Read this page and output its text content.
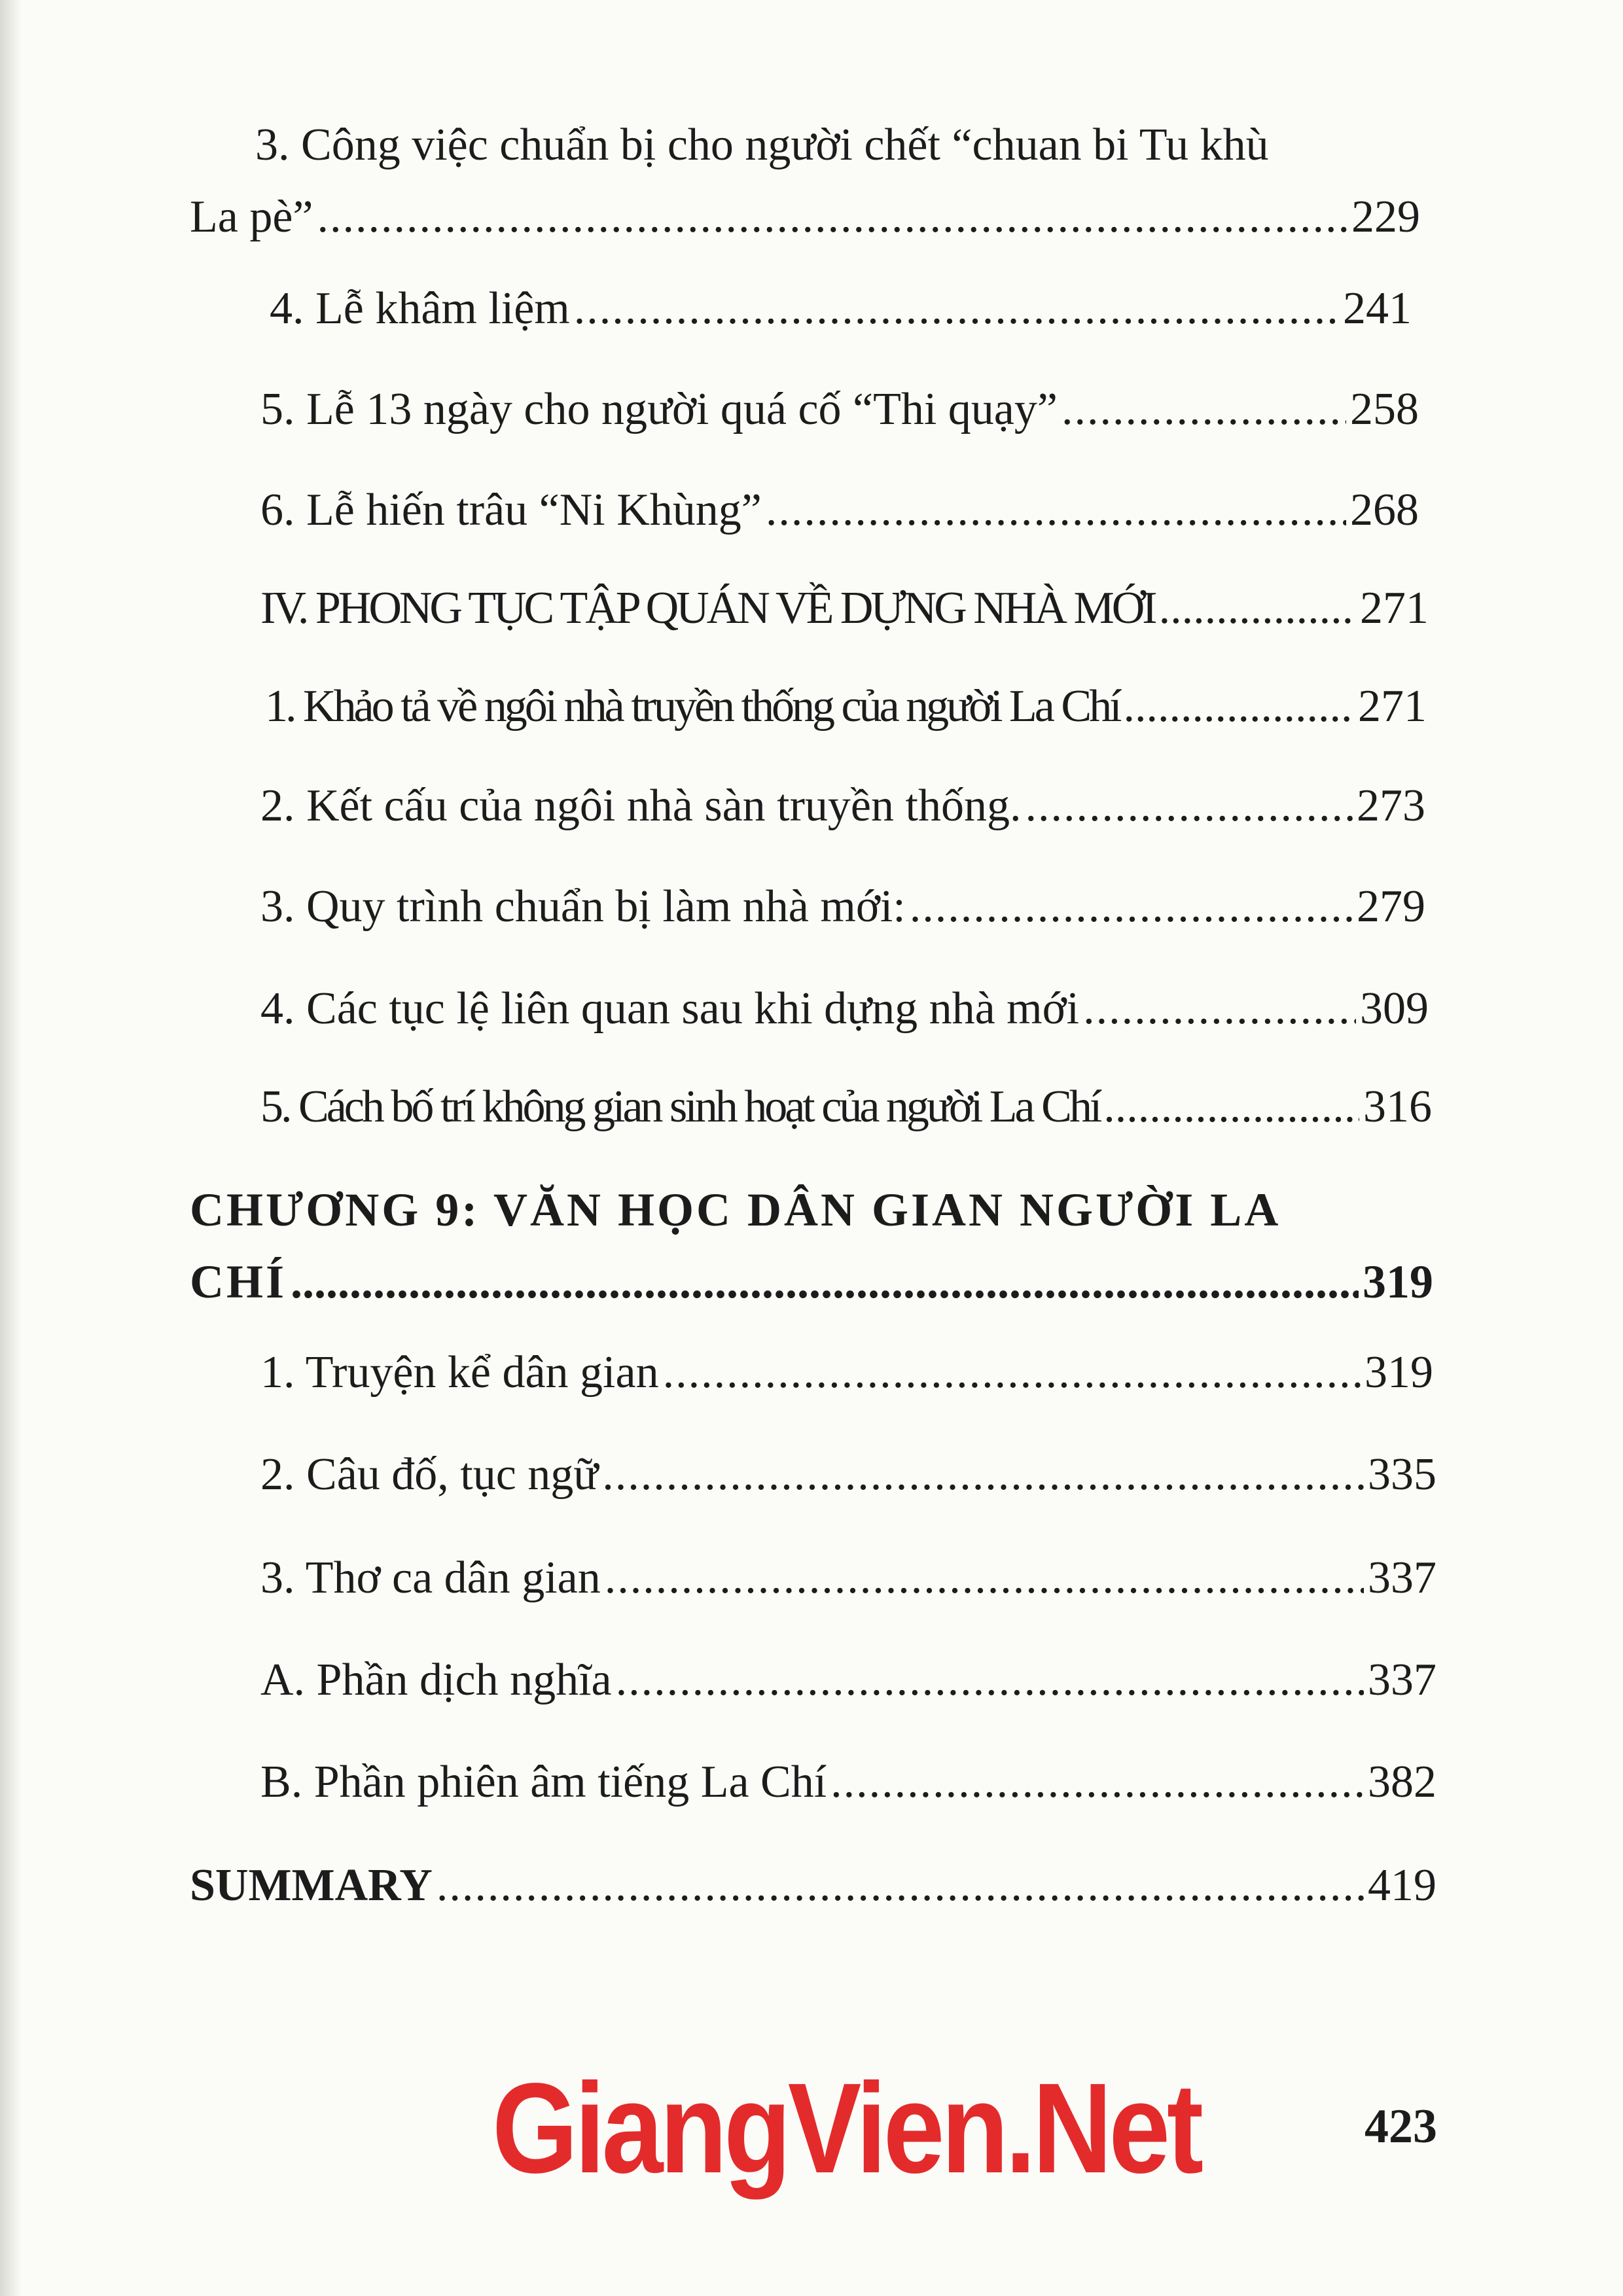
3. Công việc chuẩn bị cho người chết “chuan bi Tu khù
La pè” .....	229
4. Lễ khâm liệm .....	241
5. Lễ 13 ngày cho người quá cố “Thi quạy” .....	258
6. Lễ hiến trâu “Ni Khùng” .....	268
IV. PHONG TỤC TẬP QUÁN VỀ DỰNG NHÀ MỚI .....	271
1. Khảo tả về ngôi nhà truyền thống của người La Chí .....	271
2. Kết cấu của ngôi nhà sàn truyền thống. .....	273
3. Quy trình chuẩn bị làm nhà mới: .....	279
4. Các tục lệ liên quan sau khi dựng nhà mới .....	309
5. Cách bố trí không gian sinh hoạt của người La Chí .....	316
CHƯƠNG 9: VĂN HỌC DÂN GIAN NGƯỜI LA
CHÍ .....	319
1. Truyện kể dân gian .....	319
2. Câu đố, tục ngữ .....	335
3. Thơ ca dân gian .....	337
A. Phần dịch nghĩa .....	337
B. Phần phiên âm tiếng La Chí .....	382
SUMMARY .....	419
GiangVien.Net	423
